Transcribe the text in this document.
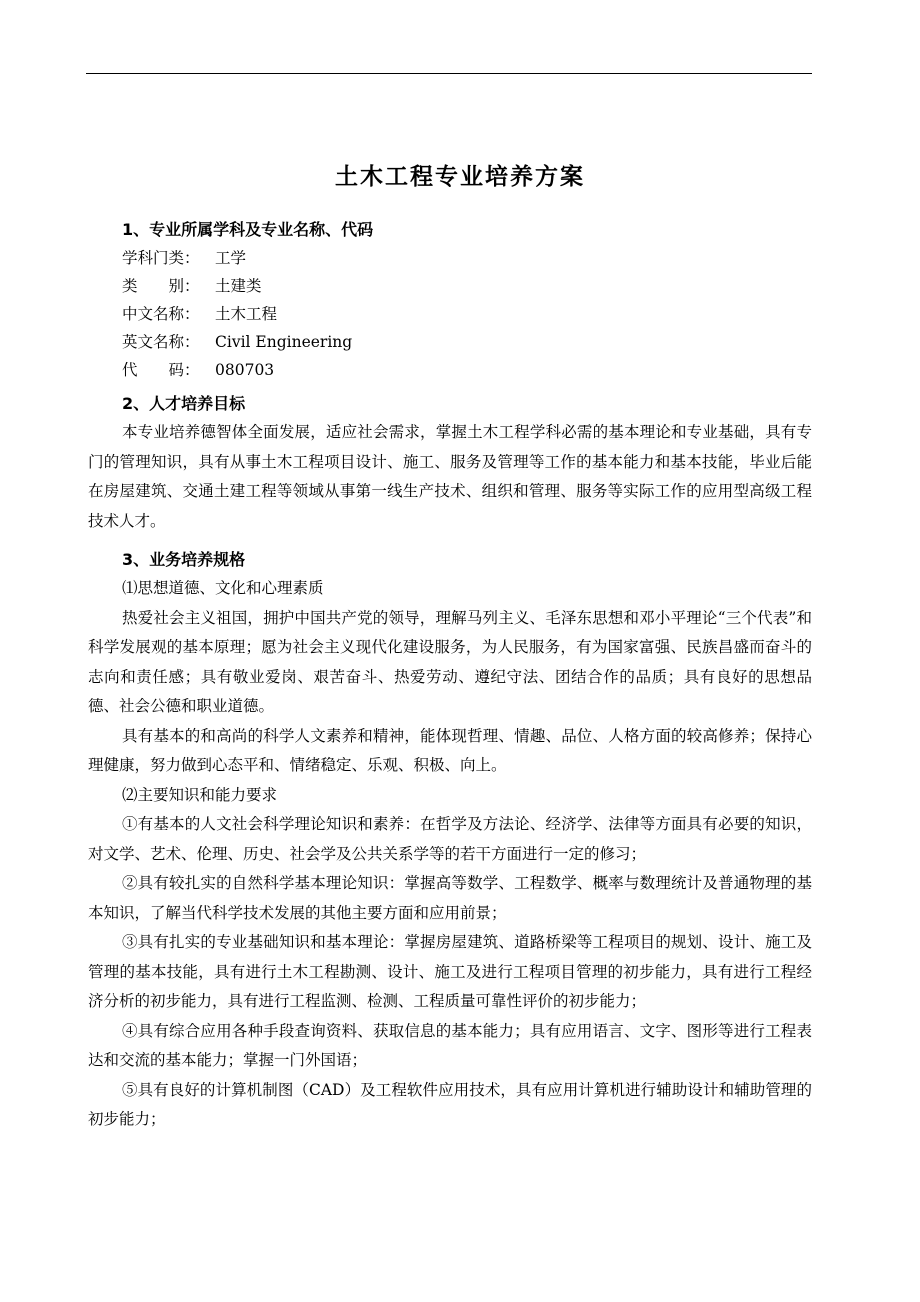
土木工程专业培养方案
1、专业所属学科及专业名称、代码
学科门类： 工学
类　　别： 土建类
中文名称： 土木工程
英文名称： Civil Engineering
代　　码： 080703
2、人才培养目标
本专业培养德智体全面发展，适应社会需求，掌握土木工程学科必需的基本理论和专业基础，具有专门的管理知识，具有从事土木工程项目设计、施工、服务及管理等工作的基本能力和基本技能，毕业后能在房屋建筑、交通土建工程等领域从事第一线生产技术、组织和管理、服务等实际工作的应用型高级工程技术人才。
3、业务培养规格
⑴思想道德、文化和心理素质
热爱社会主义祖国，拥护中国共产党的领导，理解马列主义、毛泽东思想和邓小平理论“三个代表”和科学发展观的基本原理；愿为社会主义现代化建设服务，为人民服务，有为国家富强、民族昌盛而奋斗的志向和责任感；具有敬业爱岗、艰苦奋斗、热爱劳动、遵纪守法、团结合作的品质；具有良好的思想品德、社会公德和职业道德。
具有基本的和高尚的科学人文素养和精神，能体现哲理、情趣、品位、人格方面的较高修养；保持心理健康，努力做到心态平和、情绪稳定、乐观、积极、向上。
⑵主要知识和能力要求
①有基本的人文社会科学理论知识和素养：在哲学及方法论、经济学、法律等方面具有必要的知识，对文学、艺术、伦理、历史、社会学及公共关系学等的若干方面进行一定的修习；
②具有较扎实的自然科学基本理论知识：掌握高等数学、工程数学、概率与数理统计及普通物理的基本知识，了解当代科学技术发展的其他主要方面和应用前景；
③具有扎实的专业基础知识和基本理论：掌握房屋建筑、道路桥梁等工程项目的规划、设计、施工及管理的基本技能，具有进行土木工程勘测、设计、施工及进行工程项目管理的初步能力，具有进行工程经济分析的初步能力，具有进行工程监测、检测、工程质量可靠性评价的初步能力；
④具有综合应用各种手段查询资料、获取信息的基本能力；具有应用语言、文字、图形等进行工程表达和交流的基本能力；掌握一门外国语；
⑤具有良好的计算机制图（CAD）及工程软件应用技术，具有应用计算机进行辅助设计和辅助管理的初步能力；
